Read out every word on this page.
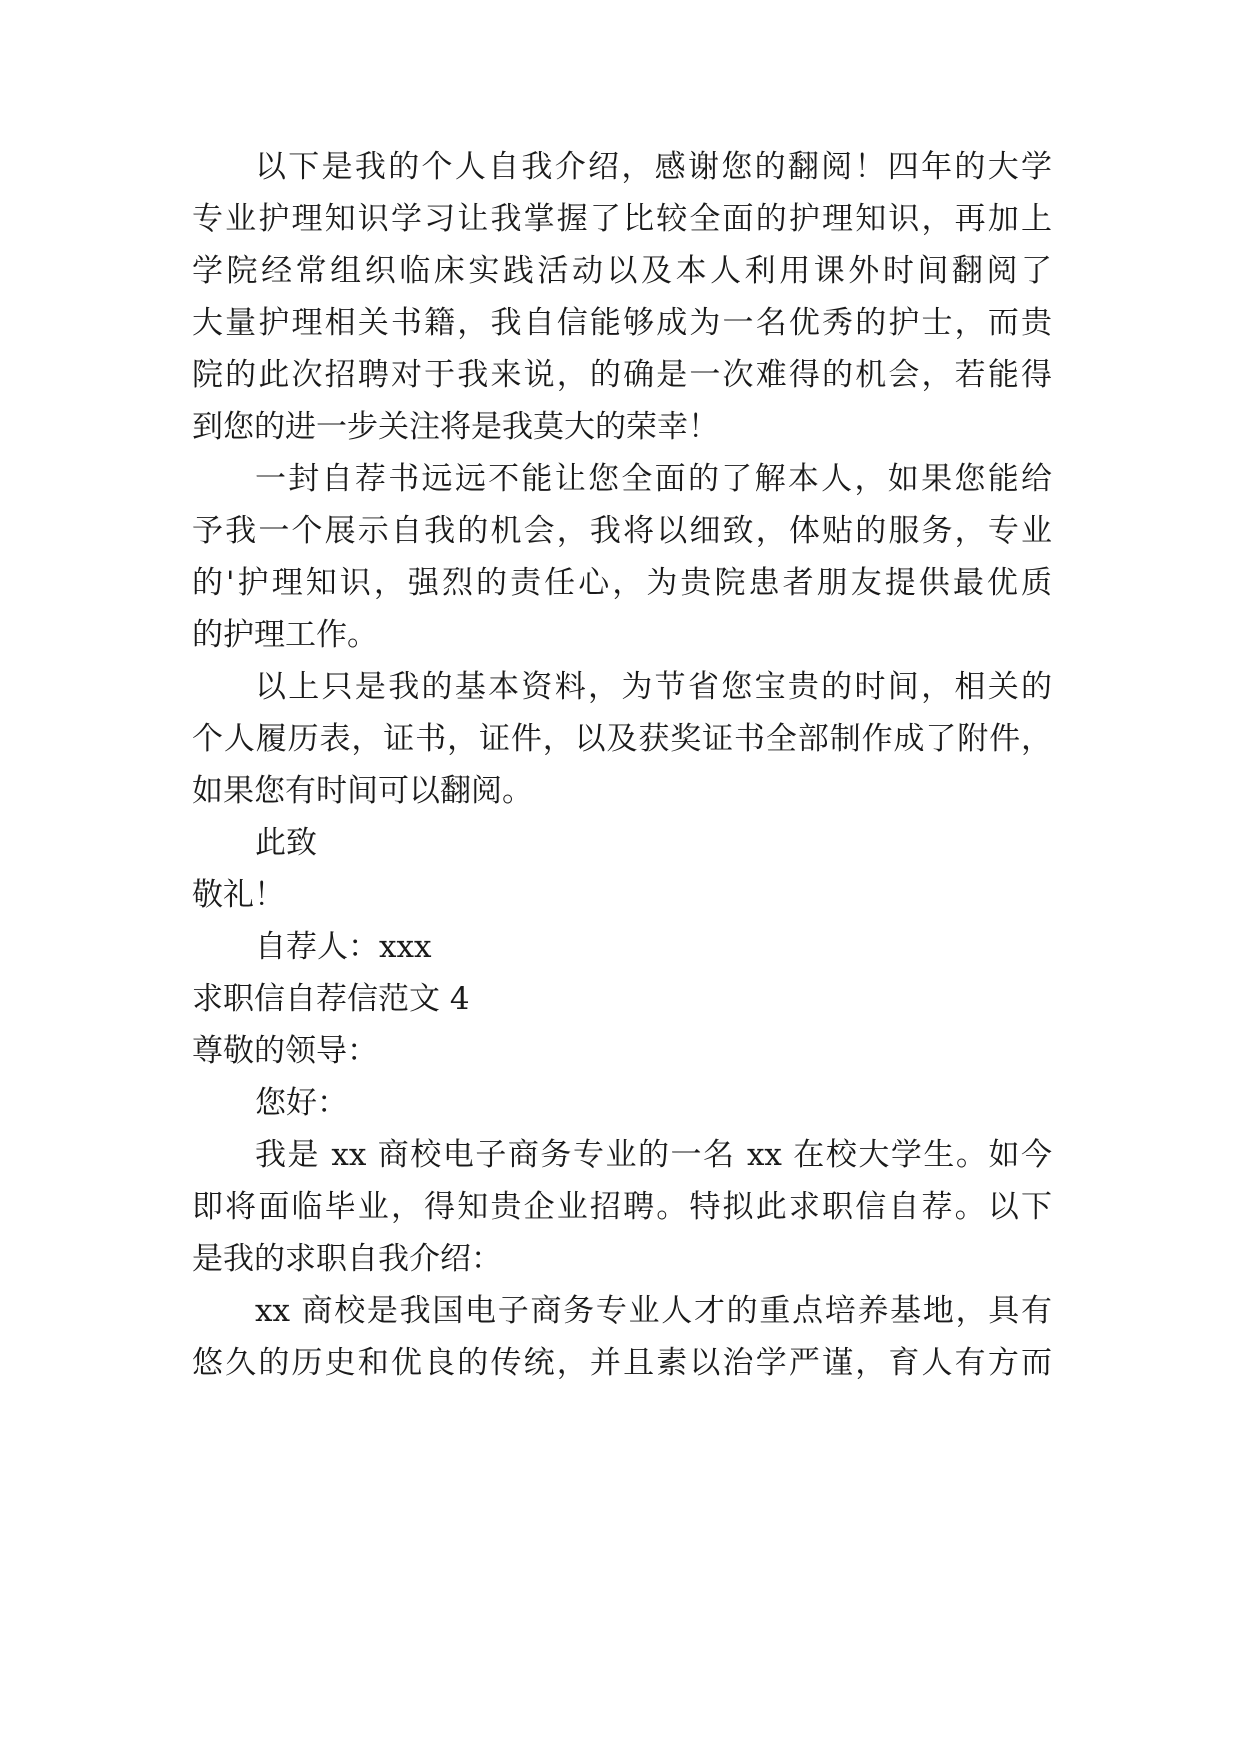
以下是我的个人自我介绍，感谢您的翻阅！四年的大学
专业护理知识学习让我掌握了比较全面的护理知识，再加上
学院经常组织临床实践活动以及本人利用课外时间翻阅了
大量护理相关书籍，我自信能够成为一名优秀的护士，而贵
院的此次招聘对于我来说，的确是一次难得的机会，若能得
到您的进一步关注将是我莫大的荣幸！
一封自荐书远远不能让您全面的了解本人，如果您能给
予我一个展示自我的机会，我将以细致，体贴的服务，专业
的'护理知识，强烈的责任心，为贵院患者朋友提供最优质
的护理工作。
以上只是我的基本资料，为节省您宝贵的时间，相关的
个人履历表，证书，证件，以及获奖证书全部制作成了附件，
如果您有时间可以翻阅。
此致
敬礼！
自荐人：xxx
求职信自荐信范文 4
尊敬的领导：
您好：
我是 xx 商校电子商务专业的一名 xx 在校大学生。如今
即将面临毕业，得知贵企业招聘。特拟此求职信自荐。以下
是我的求职自我介绍：
xx 商校是我国电子商务专业人才的重点培养基地，具有
悠久的历史和优良的传统，并且素以治学严谨，育人有方而
